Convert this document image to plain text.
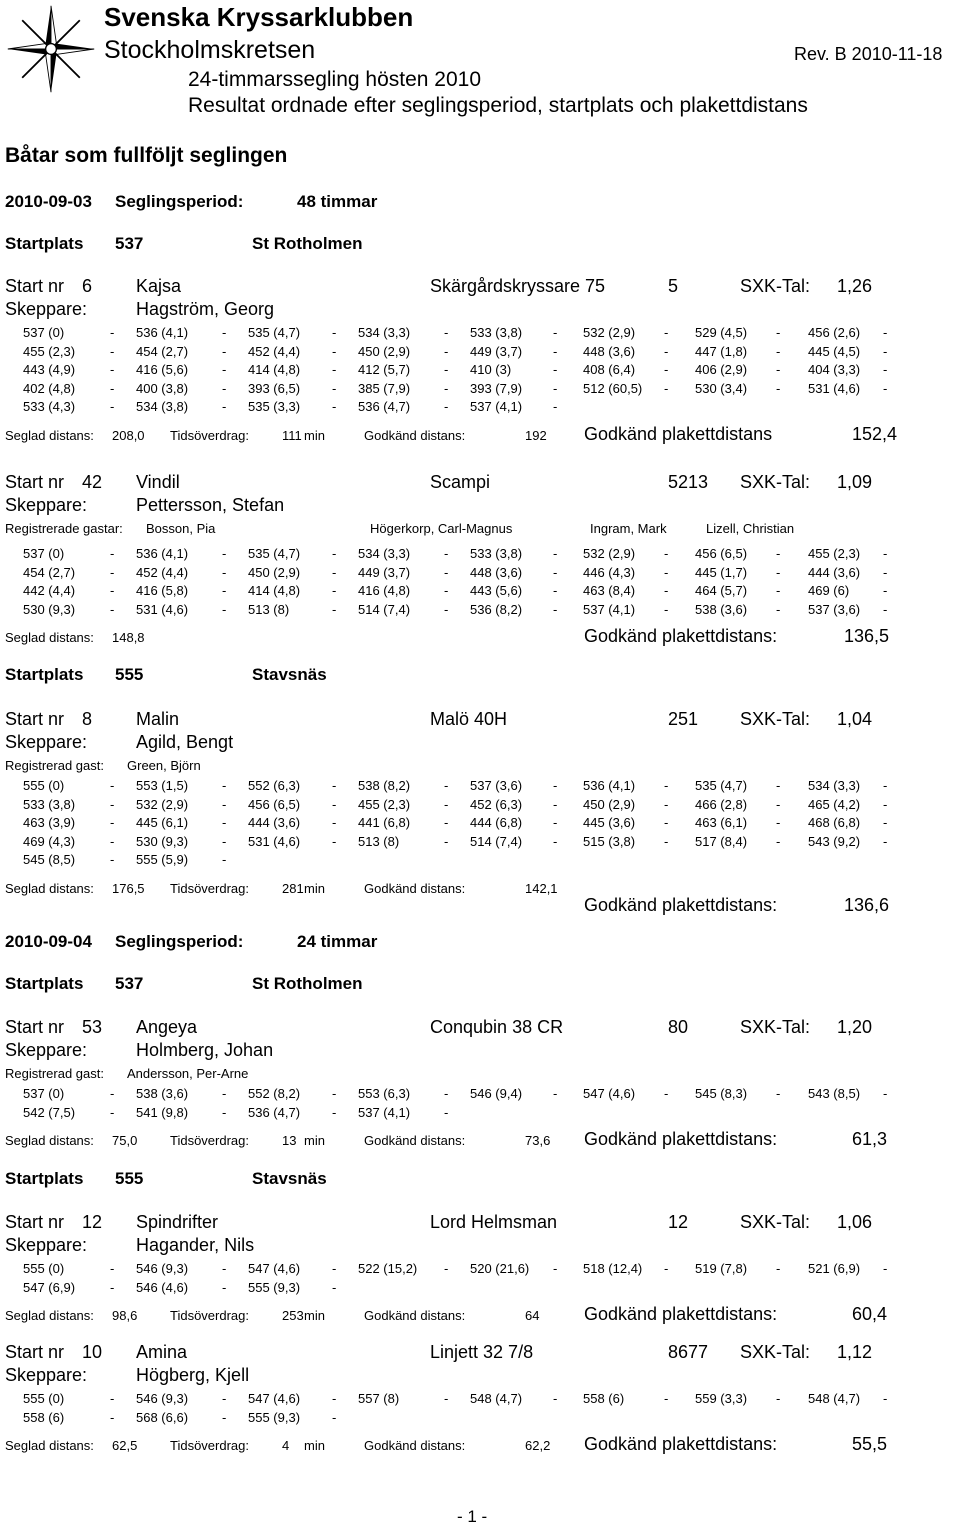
Svenska Kryssarklubben
Stockholmskretsen	Rev. B 2010-11-18
24-timmarssegling hösten 2010
Resultat ordnade efter seglingsperiod, startplats och plakettdistans
Båtar som fullföljt seglingen
2010-09-03 Seglingsperiod:	48 timmar
Startplats 537	St Rotholmen
Start nr 6 Kajsa	Skärgårdskryssare 75	5	SXK-Tal: 1,26
Skeppare:	Hagström, Georg
537 (0)	- 536 (4,1)	- 535 (4,7) - 534 (3,3)	- 533 (3,8) - 532 (2,9) - 529 (4,5) - 456 (2,6) -
455 (2,3)	- 454 (2,7)	- 452 (4,4) - 450 (2,9)	- 449 (3,7) - 448 (3,6) - 447 (1,8) - 445 (4,5) -
443 (4,9)	- 416 (5,6)	- 414 (4,8) - 412 (5,7)	- 410 (3)	- 408 (6,4) - 406 (2,9) - 404 (3,3) -
402 (4,8)	- 400 (3,8)	- 393 (6,5) - 385 (7,9)	- 393 (7,9) - 512 (60,5) - 530 (3,4) - 531 (4,6) -
533 (4,3)	- 534 (3,8)	- 535 (3,3) - 536 (4,7)	- 537 (4,1) -
Seglad distans: 208,0 Tidsöverdrag:	111 min	Godkänd distans:	192 Godkänd plakettdistans	152,4
Start nr 42 Vindil	Scampi	5213 SXK-Tal: 1,09
Skeppare:	Pettersson, Stefan
Registrerade gastar: Bosson, Pia	Högerkorp, Carl-Magnus	Ingram, Mark	Lizell, Christian
537 (0)	- 536 (4,1)	- 535 (4,7) - 534 (3,3)	- 533 (3,8) - 532 (2,9) - 456 (6,5) - 455 (2,3) -
454 (2,7)	- 452 (4,4)	- 450 (2,9) - 449 (3,7)	- 448 (3,6) - 446 (4,3) - 445 (1,7) - 444 (3,6) -
442 (4,4)	- 416 (5,8)	- 414 (4,8) - 416 (4,8)	- 443 (5,6) - 463 (8,4) - 464 (5,7) - 469 (6)	-
530 (9,3)	- 531 (4,6)	- 513 (8)	- 514 (7,4)	- 536 (8,2) - 537 (4,1) - 538 (3,6) - 537 (3,6) -
Seglad distans: 148,8	Godkänd plakettdistans:	136,5
Startplats 555	Stavsnäs
Start nr 8 Malin	Malö 40H	251 SXK-Tal: 1,04
Skeppare:	Agild, Bengt
Registrerad gast: Green, Björn
555 (0)	- 553 (1,5)	- 552 (6,3) - 538 (8,2)	- 537 (3,6) - 536 (4,1) - 535 (4,7) - 534 (3,3) -
533 (3,8)	- 532 (2,9)	- 456 (6,5) - 455 (2,3)	- 452 (6,3) - 450 (2,9) - 466 (2,8) - 465 (4,2) -
463 (3,9)	- 445 (6,1)	- 444 (3,6) - 441 (6,8)	- 444 (6,8) - 445 (3,6) - 463 (6,1) - 468 (6,8) -
469 (4,3)	- 530 (9,3)	- 531 (4,6) - 513 (8)	- 514 (7,4) - 515 (3,8) - 517 (8,4) - 543 (9,2) -
545 (8,5)	- 555 (5,9)	-
Seglad distans: 176,5 Tidsöverdrag:	281 min	Godkänd distans:	142,1
Godkänd plakettdistans:	136,6
2010-09-04 Seglingsperiod:	24 timmar
Startplats 537	St Rotholmen
Start nr 53 Angeya	Conqubin 38 CR	80	SXK-Tal: 1,20
Skeppare:	Holmberg, Johan
Registrerad gast: Andersson, Per-Arne
537 (0)	- 538 (3,6)	- 552 (8,2) - 553 (6,3)	- 546 (9,4) - 547 (4,6) - 545 (8,3) - 543 (8,5) -
542 (7,5)	- 541 (9,8)	- 536 (4,7) - 537 (4,1)	-
Seglad distans: 75,0	Tidsöverdrag:	13 min	Godkänd distans:	73,6 Godkänd plakettdistans:	61,3
Startplats 555	Stavsnäs
Start nr 12 Spindrifter	Lord Helmsman	12	SXK-Tal: 1,06
Skeppare:	Hagander, Nils
555 (0)	- 546 (9,3)	- 547 (4,6) - 522 (15,2) - 520 (21,6) - 518 (12,4) - 519 (7,8) - 521 (6,9) -
547 (6,9)	- 546 (4,6)	- 555 (9,3) -
Seglad distans: 98,6	Tidsöverdrag:	253 min	Godkänd distans:	64 Godkänd plakettdistans:	60,4
Start nr 10 Amina	Linjett 32 7/8	8677 SXK-Tal: 1,12
Skeppare:	Högberg, Kjell
555 (0)	- 546 (9,3)	- 547 (4,6) - 557 (8)	- 548 (4,7) - 558 (6)	- 559 (3,3) - 548 (4,7) -
558 (6)	- 568 (6,6)	- 555 (9,3) -
Seglad distans: 62,5	Tidsöverdrag:	4 min	Godkänd distans:	62,2 Godkänd plakettdistans:	55,5
- 1 -
